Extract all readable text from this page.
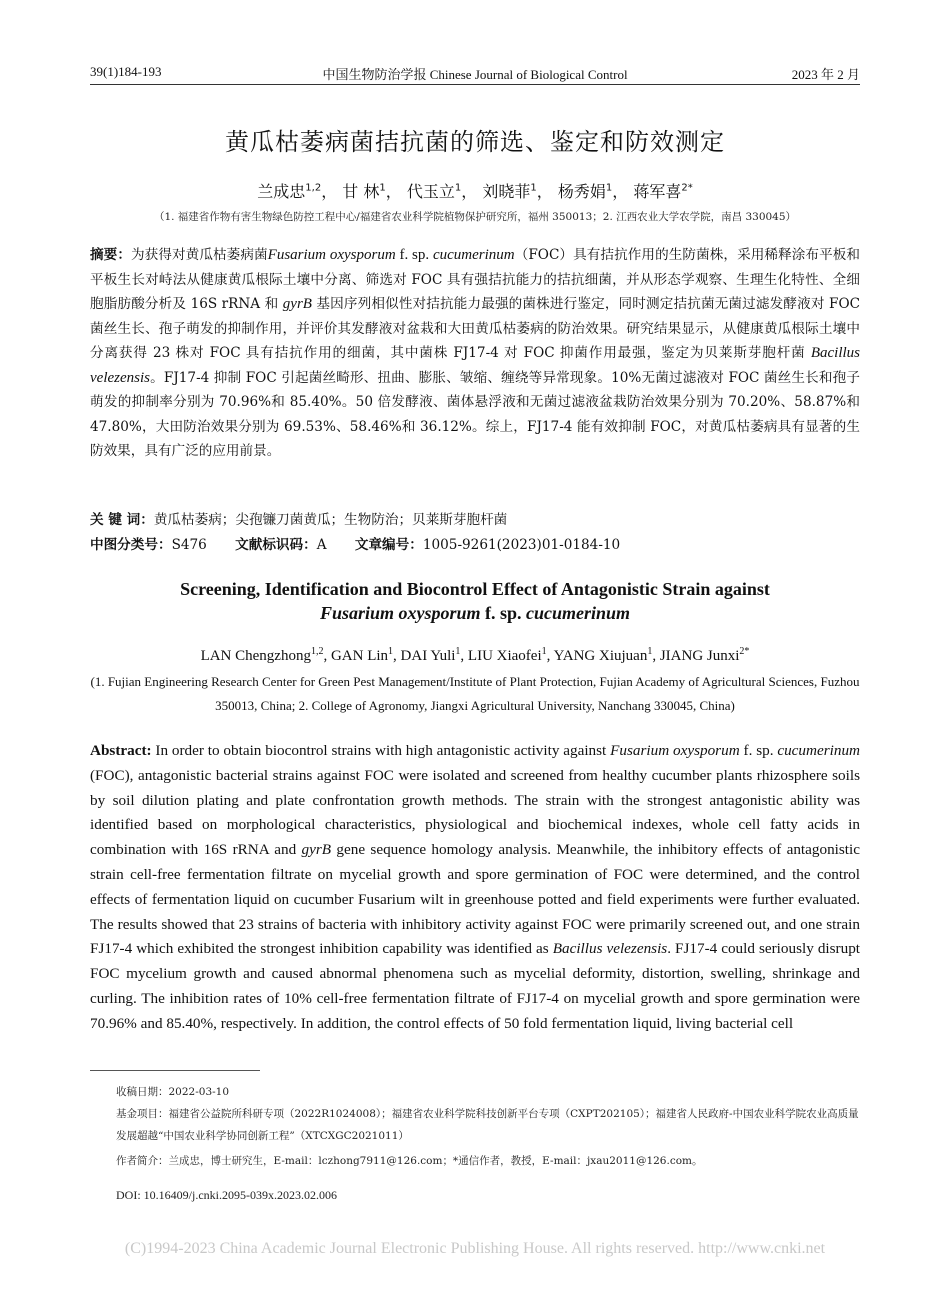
39(1)184-193	中国生物防治学报 Chinese Journal of Biological Control	2023 年 2 月
黄瓜枯萎病菌拮抗菌的筛选、鉴定和防效测定
兰成忠$^{1,2}$， 甘 林$^1$， 代玉立$^1$， 刘晓菲$^1$， 杨秀娟$^1$， 蒋军喜$^{2*}$
（1. 福建省作物有害生物绿色防控工程中心/福建省农业科学院植物保护研究所，福州 350013；2. 江西农业大学农学院，南昌 330045）
摘要：为获得对黄瓜枯萎病菌Fusarium oxysporum f. sp. cucumerinum（FOC）具有拮抗作用的生防菌株，采用稀释涂布平板和平板生长对峙法从健康黄瓜根际土壤中分离、筛选对 FOC 具有强拮抗能力的拮抗细菌，并从形态学观察、生理生化特性、全细胞脂肪酸分析及 16S rRNA 和 gyrB 基因序列相似性对拮抗能力最强的菌株进行鉴定，同时测定拮抗菌无菌过滤发酵液对 FOC 菌丝生长、孢子萌发的抑制作用，并评价其发酵液对盆栽和大田黄瓜枯萎病的防治效果。研究结果显示，从健康黄瓜根际土壤中分离获得 23 株对 FOC 具有拮抗作用的细菌，其中菌株 FJ17-4 对 FOC 抑菌作用最强，鉴定为贝莱斯芽胞杆菌 Bacillus velezensis。FJ17-4 抑制 FOC 引起菌丝畸形、扭曲、膨胀、皱缩、缠绕等异常现象。10%无菌过滤液对 FOC 菌丝生长和孢子萌发的抑制率分别为 70.96%和 85.40%。50 倍发酵液、菌体悬浮液和无菌过滤液盆栽防治效果分别为 70.20%、58.87%和 47.80%，大田防治效果分别为 69.53%、58.46%和 36.12%。综上，FJ17-4 能有效抑制 FOC，对黄瓜枯萎病具有显著的生防效果，具有广泛的应用前景。
关 键 词：黄瓜枯萎病；尖孢镰刀菌黄瓜；生物防治；贝莱斯芽胞杆菌
中图分类号：S476 文献标识码：A 文章编号：1005-9261(2023)01-0184-10
Screening, Identification and Biocontrol Effect of Antagonistic Strain against
Fusarium oxysporum f. sp. cucumerinum
LAN Chengzhong$^{1,2}$, GAN Lin$^1$, DAI Yuli$^1$, LIU Xiaofei$^1$, YANG Xiujuan$^1$, JIANG Junxi$^{2*}$
(1. Fujian Engineering Research Center for Green Pest Management/Institute of Plant Protection, Fujian Academy of Agricultural Sciences, Fuzhou 350013, China; 2. College of Agronomy, Jiangxi Agricultural University, Nanchang 330045, China)
Abstract: In order to obtain biocontrol strains with high antagonistic activity against Fusarium oxysporum f. sp. cucumerinum (FOC), antagonistic bacterial strains against FOC were isolated and screened from healthy cucumber plants rhizosphere soils by soil dilution plating and plate confrontation growth methods. The strain with the strongest antagonistic ability was identified based on morphological characteristics, physiological and biochemical indexes, whole cell fatty acids in combination with 16S rRNA and gyrB gene sequence homology analysis. Meanwhile, the inhibitory effects of antagonistic strain cell-free fermentation filtrate on mycelial growth and spore germination of FOC were determined, and the control effects of fermentation liquid on cucumber Fusarium wilt in greenhouse potted and field experiments were further evaluated. The results showed that 23 strains of bacteria with inhibitory activity against FOC were primarily screened out, and one strain FJ17-4 which exhibited the strongest inhibition capability was identified as Bacillus velezensis. FJ17-4 could seriously disrupt FOC mycelium growth and caused abnormal phenomena such as mycelial deformity, distortion, swelling, shrinkage and curling. The inhibition rates of 10% cell-free fermentation filtrate of FJ17-4 on mycelial growth and spore germination were 70.96% and 85.40%, respectively. In addition, the control effects of 50 fold fermentation liquid, living bacterial cell
收稿日期：2022-03-10
基金项目：福建省公益院所科研专项（2022R1024008）；福建省农业科学院科技创新平台专项（CXPT202105）；福建省人民政府-中国农业科学院农业高质量发展超越“中国农业科学协同创新工程”（XTCXGC2021011）
作者简介：兰成忠，博士研究生，E-mail：lczhong7911@126.com；*通信作者，教授，E-mail：jxau2011@126.com。
DOI: 10.16409/j.cnki.2095-039x.2023.02.006
(C)1994-2023 China Academic Journal Electronic Publishing House. All rights reserved. http://www.cnki.net
